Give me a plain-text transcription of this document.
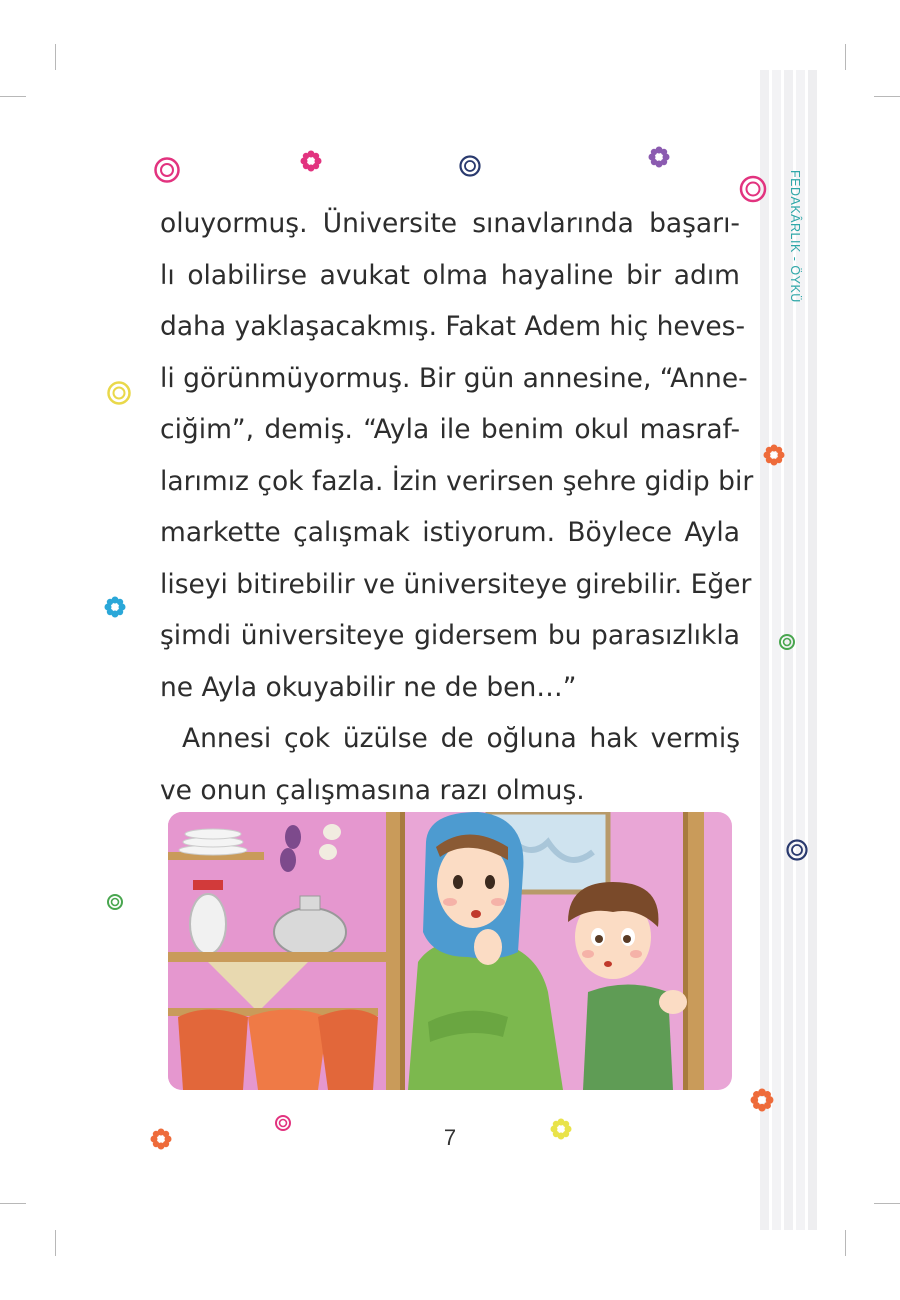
FEDAKÂRLIK - ÖYKÜ

oluyormuş. Üniversite sınavlarında başarı-
lı olabilirse avukat olma hayaline bir adım
daha yaklaşacakmış. Fakat Adem hiç heves-
li görünmüyormuş. Bir gün annesine, “Anne-
ciğim”, demiş. “Ayla ile benim okul masraf-
larımız çok fazla. İzin verirsen şehre gidip bir
markette çalışmak istiyorum. Böylece Ayla
liseyi bitirebilir ve üniversiteye girebilir. Eğer
şimdi üniversiteye gidersem bu parasızlıkla
ne Ayla okuyabilir ne de ben…”

Annesi çok üzülse de oğluna hak vermiş
ve onun çalışmasına razı olmuş.

7
